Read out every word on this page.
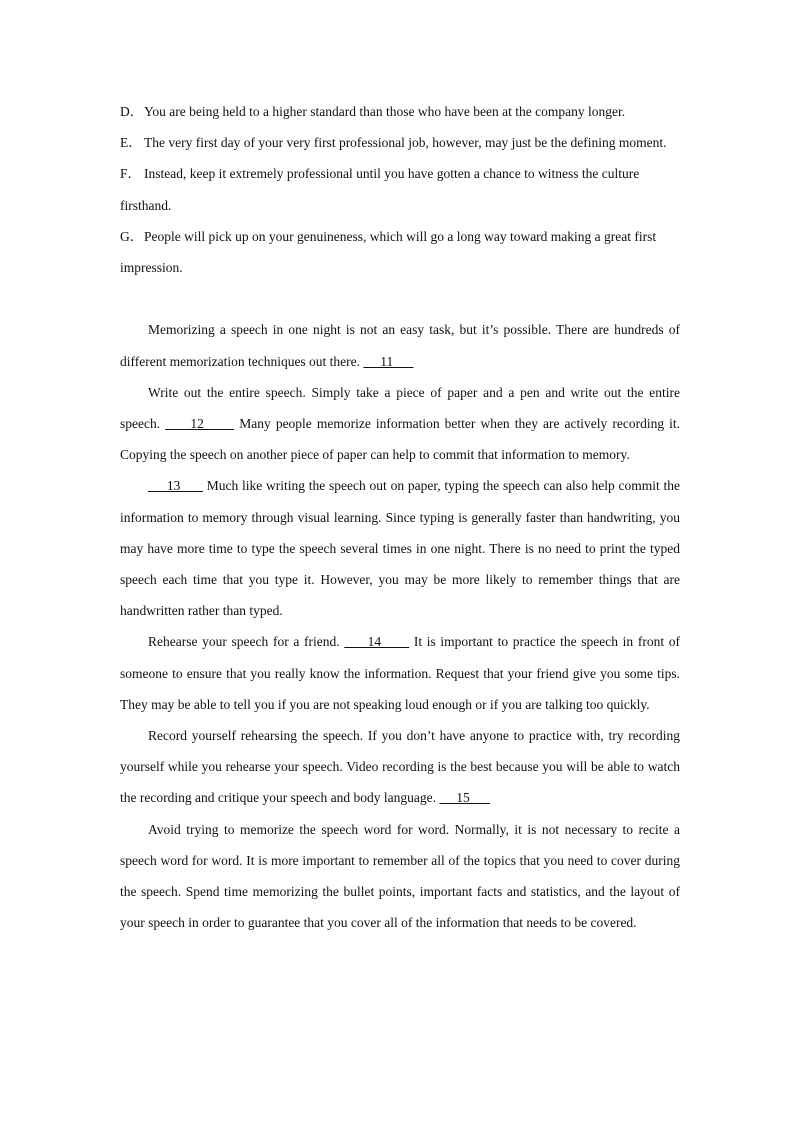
D．You are being held to a higher standard than those who have been at the company longer.
E． The very first day of your very first professional job, however, may just be the defining moment.
F． Instead, keep it extremely professional until you have gotten a chance to witness the culture firsthand.
G．People will pick up on your genuineness, which will go a long way toward making a great first impression.

Memorizing a speech in one night is not an easy task, but it’s possible. There are hundreds of different memorization techniques out there.      11

Write out the entire speech. Simply take a piece of paper and a pen and write out the entire speech.      12       Many people memorize information better when they are actively recording it. Copying the speech on another piece of paper can help to commit that information to memory.

13       Much like writing the speech out on paper, typing the speech can also help commit the information to memory through visual learning. Since typing is generally faster than handwriting, you may have more time to type the speech several times in one night. There is no need to print the typed speech each time that you type it. However, you may be more likely to remember things that are handwritten rather than typed.

Rehearse your speech for a friend.      14       It is important to practice the speech in front of someone to ensure that you really know the information. Request that your friend give you some tips. They may be able to tell you if you are not speaking loud enough or if you are talking too quickly.

Record yourself rehearsing the speech. If you don’t have anyone to practice with, try recording yourself while you rehearse your speech. Video recording is the best because you will be able to watch the recording and critique your speech and body language.      15

Avoid trying to memorize the speech word for word. Normally, it is not necessary to recite a speech word for word. It is more important to remember all of the topics that you need to cover during the speech. Spend time memorizing the bullet points, important facts and statistics, and the layout of your speech in order to guarantee that you cover all of the information that needs to be covered.
